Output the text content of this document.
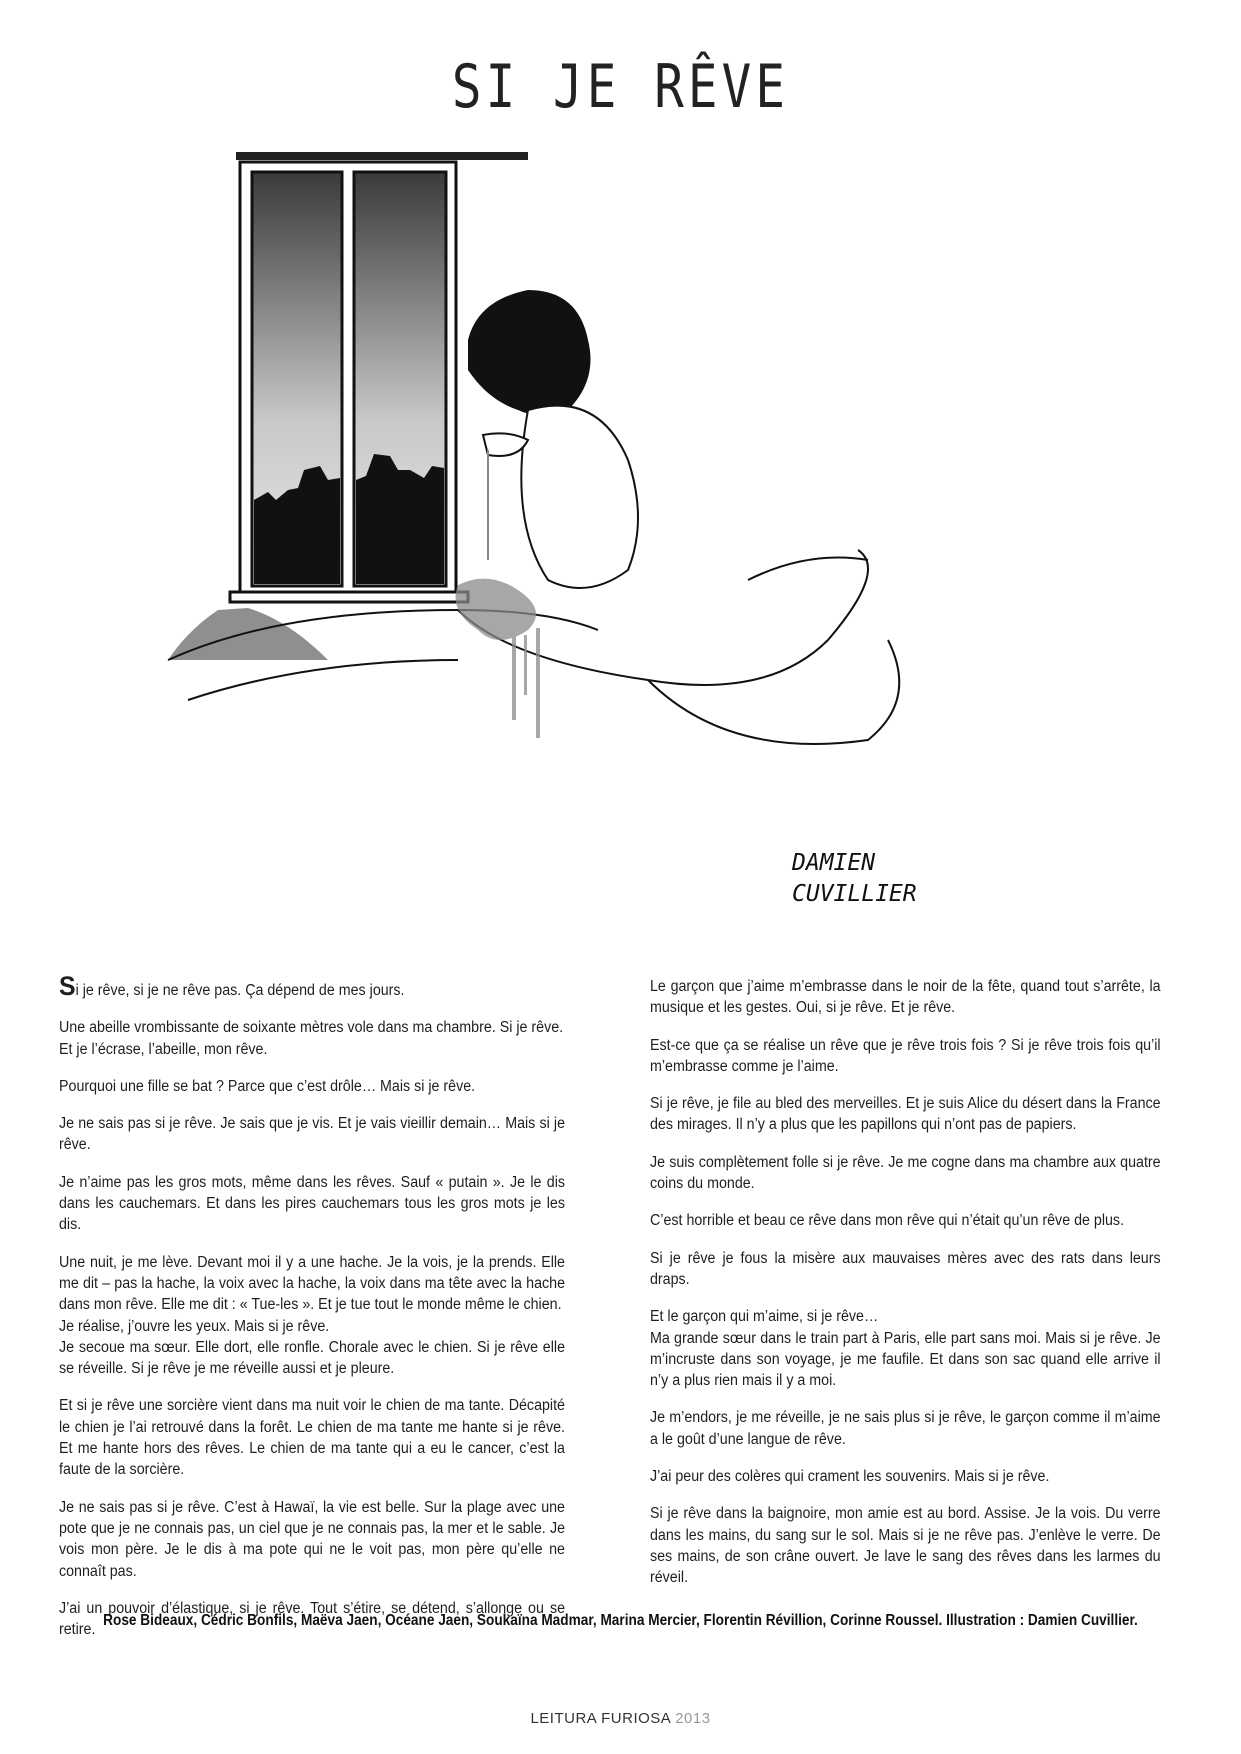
SI JE RÊVE
DAMIEN
CUVILLIER

Si je rêve, si je ne rêve pas. Ça dépend de mes jours.

Une abeille vrombissante de soixante mètres vole dans ma chambre. Si je rêve.
Et je l’écrase, l’abeille, mon rêve.

Pourquoi une fille se bat ? Parce que c’est drôle… Mais si je rêve.

Je ne sais pas si je rêve. Je sais que je vis. Et je vais vieillir demain… Mais si je rêve.

Je n’aime pas les gros mots, même dans les rêves. Sauf « putain ». Je le dis dans les cauchemars. Et dans les pires cauchemars tous les gros mots je les dis.

Une nuit, je me lève. Devant moi il y a une hache. Je la vois, je la prends. Elle me dit – pas la hache, la voix avec la hache, la voix dans ma tête avec la hache dans mon rêve. Elle me dit : « Tue-les ». Et je tue tout le monde même le chien.
Je réalise, j’ouvre les yeux. Mais si je rêve.
Je secoue ma sœur. Elle dort, elle ronfle. Chorale avec le chien. Si je rêve elle se réveille. Si je rêve je me réveille aussi et je pleure.

Et si je rêve une sorcière vient dans ma nuit voir le chien de ma tante. Décapité le chien je l’ai retrouvé dans la forêt. Le chien de ma tante me hante si je rêve. Et me hante hors des rêves. Le chien de ma tante qui a eu le cancer, c’est la faute de la sorcière.

Je ne sais pas si je rêve. C’est à Hawaï, la vie est belle. Sur la plage avec une pote que je ne connais pas, un ciel que je ne connais pas, la mer et le sable. Je vois mon père. Je le dis à ma pote qui ne le voit pas, mon père qu’elle ne connaît pas.

J’ai un pouvoir d’élastique, si je rêve. Tout s’étire, se détend, s’allonge ou se retire.

Le garçon que j’aime m’embrasse dans le noir de la fête, quand tout s’arrête, la musique et les gestes. Oui, si je rêve. Et je rêve.

Est-ce que ça se réalise un rêve que je rêve trois fois ? Si je rêve trois fois qu’il m’embrasse comme je l’aime.

Si je rêve, je file au bled des merveilles. Et je suis Alice du désert dans la France des mirages. Il n’y a plus que les papillons qui n’ont pas de papiers.

Je suis complètement folle si je rêve. Je me cogne dans ma chambre aux quatre coins du monde.

C’est horrible et beau ce rêve dans mon rêve qui n’était qu’un rêve de plus.

Si je rêve je fous la misère aux mauvaises mères avec des rats dans leurs draps.

Et le garçon qui m’aime, si je rêve…
Ma grande sœur dans le train part à Paris, elle part sans moi. Mais si je rêve. Je m’incruste dans son voyage, je me faufile. Et dans son sac quand elle arrive il n’y a plus rien mais il y a moi.

Je m’endors, je me réveille, je ne sais plus si je rêve, le garçon comme il m’aime a le goût d’une langue de rêve.

J’ai peur des colères qui crament les souvenirs. Mais si je rêve.

Si je rêve dans la baignoire, mon amie est au bord. Assise. Je la vois. Du verre dans les mains, du sang sur le sol. Mais si je ne rêve pas. J’enlève le verre. De ses mains, de son crâne ouvert. Je lave le sang des rêves dans les larmes du réveil.

Rose Bideaux, Cédric Bonfils, Maëva Jaen, Océane Jaen, Soukaïna Madmar, Marina Mercier, Florentin Révillion, Corinne Roussel. Illustration : Damien Cuvillier.
LEITURA FURIOSA 2013
